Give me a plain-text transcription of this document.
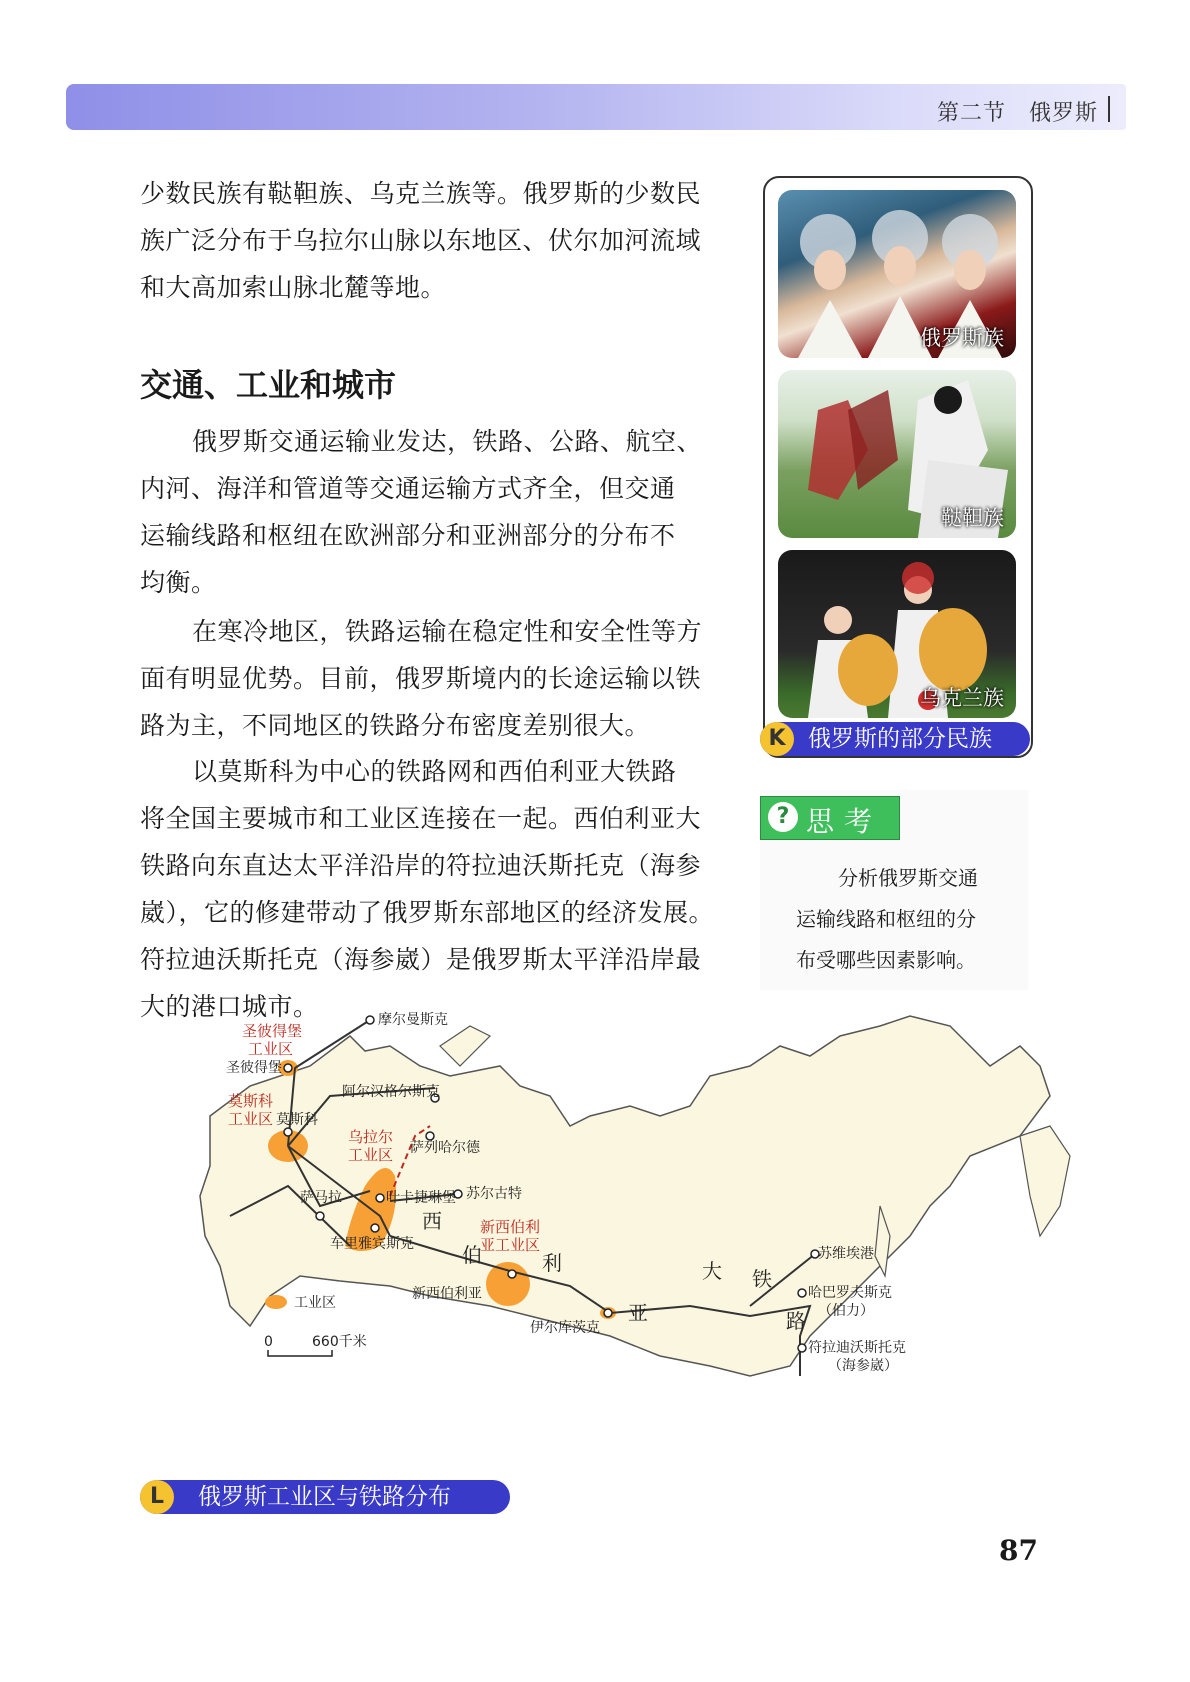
第二节　俄罗斯
少数民族有鞑靼族、乌克兰族等。俄罗斯的少数民
族广泛分布于乌拉尔山脉以东地区、伏尔加河流域
和大高加索山脉北麓等地。
交通、工业和城市
俄罗斯交通运输业发达，铁路、公路、航空、
内河、海洋和管道等交通运输方式齐全，但交通
运输线路和枢纽在欧洲部分和亚洲部分的分布不
均衡。
在寒冷地区，铁路运输在稳定性和安全性等方
面有明显优势。目前，俄罗斯境内的长途运输以铁
路为主，不同地区的铁路分布密度差别很大。
以莫斯科为中心的铁路网和西伯利亚大铁路
将全国主要城市和工业区连接在一起。西伯利亚大
铁路向东直达太平洋沿岸的符拉迪沃斯托克（海参
崴），它的修建带动了俄罗斯东部地区的经济发展。
符拉迪沃斯托克（海参崴）是俄罗斯太平洋沿岸最
大的港口城市。
俄罗斯族
鞑靼族
乌克兰族
K 俄罗斯的部分民族
? 思考
分析俄罗斯交通
运输线路和枢纽的分
布受哪些因素影响。
圣彼得堡
工业区
莫斯科
工业区
乌拉尔
工业区
新西伯利
亚工业区
摩尔曼斯克
圣彼得堡
阿尔汉格尔斯克
莫斯科
萨列哈尔德
苏尔古特
萨马拉	叶卡捷琳堡
车里雅宾斯克
新西伯利亚
伊尔库茨克
苏维埃港
哈巴罗夫斯克
（伯力）
符拉迪沃斯托克
（海参崴）
西
伯	利
亚
大 铁
路
工业区
0	660千米
L	俄罗斯工业区与铁路分布
87
